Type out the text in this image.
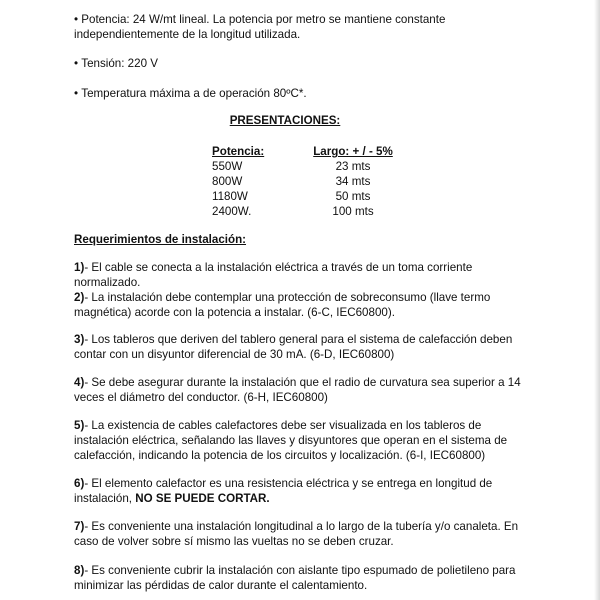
• Potencia: 24 W/mt lineal. La potencia por metro se mantiene constante independientemente de la longitud utilizada.

• Tensión: 220 V

• Temperatura máxima a de operación 80ºC*.

PRESENTACIONES:
Potencia:	Largo: + / - 5%
550W	23 mts
800W	34 mts
1180W	50 mts
2400W.	100 mts
Requerimientos de instalación:

1)- El cable se conecta a la instalación eléctrica a través de un toma corriente normalizado.

2)- La instalación debe contemplar una protección de sobreconsumo (llave termo magnética) acorde con la potencia a instalar. (6-C, IEC60800).

3)- Los tableros que deriven del tablero general para el sistema de calefacción deben contar con un disyuntor diferencial de 30 mA. (6-D, IEC60800)

4)- Se debe asegurar durante la instalación que el radio de curvatura sea superior a 14 veces el diámetro del conductor. (6-H, IEC60800)

5)- La existencia de cables calefactores debe ser visualizada en los tableros de instalación eléctrica, señalando las llaves y disyuntores que operan en el sistema de calefacción, indicando la potencia de los circuitos y localización. (6-I, IEC60800)

6)- El elemento calefactor es una resistencia eléctrica y se entrega en longitud de instalación, NO SE PUEDE CORTAR.

7)- Es conveniente una instalación longitudinal a lo largo de la tubería y/o canaleta. En caso de volver sobre sí mismo las vueltas no se deben cruzar.

8)- Es conveniente cubrir la instalación con aislante tipo espumado de polietileno para minimizar las pérdidas de calor durante el calentamiento.
